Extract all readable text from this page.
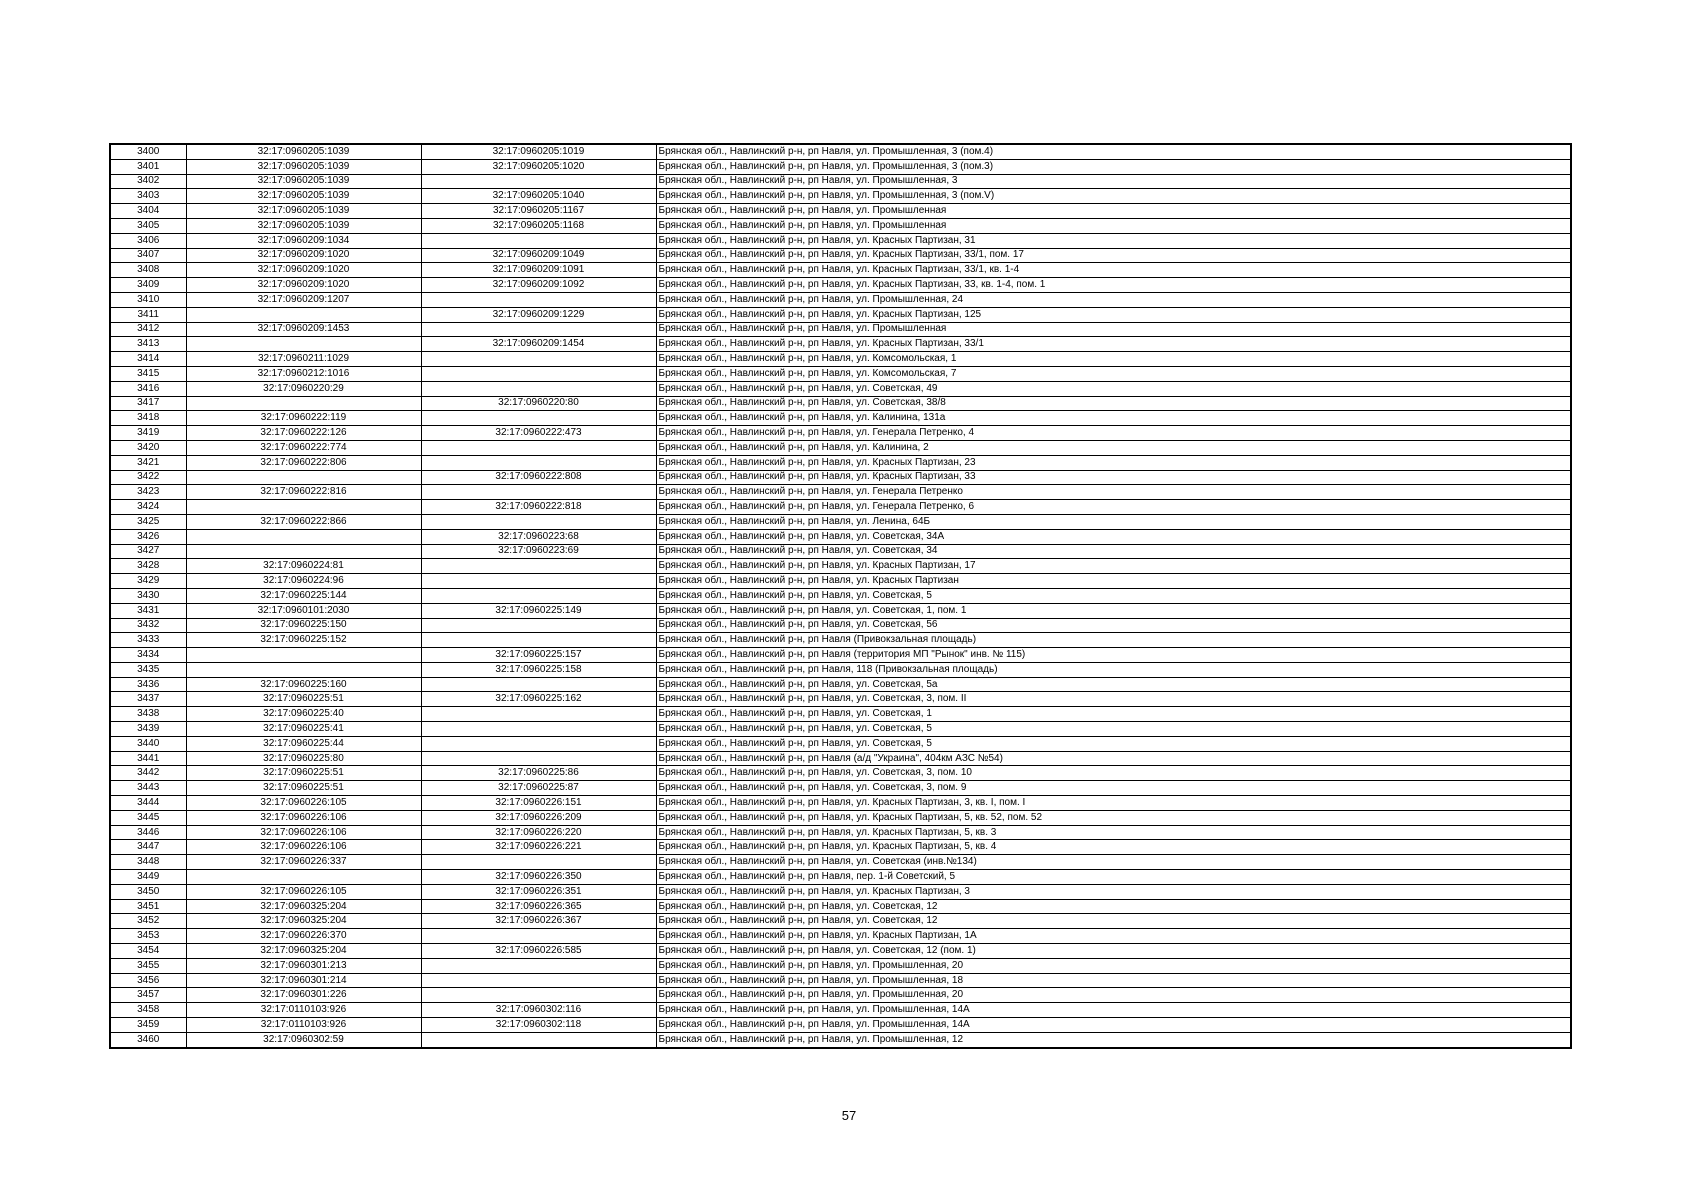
3400	32:17:0960205:1039	32:17:0960205:1019	Брянская обл., Навлинский р-н, рп Навля, ул. Промышленная, 3 (пом.4)
3401	32:17:0960205:1039	32:17:0960205:1020	Брянская обл., Навлинский р-н, рп Навля, ул. Промышленная, 3 (пом.3)
3402	32:17:0960205:1039		Брянская обл., Навлинский р-н, рп Навля, ул. Промышленная, 3
3403	32:17:0960205:1039	32:17:0960205:1040	Брянская обл., Навлинский р-н, рп Навля, ул. Промышленная, 3 (пом.V)
3404	32:17:0960205:1039	32:17:0960205:1167	Брянская обл., Навлинский р-н, рп Навля, ул. Промышленная
3405	32:17:0960205:1039	32:17:0960205:1168	Брянская обл., Навлинский р-н, рп Навля, ул. Промышленная
3406	32:17:0960209:1034		Брянская обл., Навлинский р-н, рп Навля, ул. Красных Партизан, 31
3407	32:17:0960209:1020	32:17:0960209:1049	Брянская обл., Навлинский р-н, рп Навля, ул. Красных Партизан, 33/1, пом. 17
3408	32:17:0960209:1020	32:17:0960209:1091	Брянская обл., Навлинский р-н, рп Навля, ул. Красных Партизан, 33/1, кв. 1-4
3409	32:17:0960209:1020	32:17:0960209:1092	Брянская обл., Навлинский р-н, рп Навля, ул. Красных Партизан, 33, кв. 1-4, пом. 1
3410	32:17:0960209:1207		Брянская обл., Навлинский р-н, рп Навля, ул. Промышленная, 24
3411		32:17:0960209:1229	Брянская обл., Навлинский р-н, рп Навля, ул. Красных Партизан, 125
3412	32:17:0960209:1453		Брянская обл., Навлинский р-н, рп Навля, ул. Промышленная
3413		32:17:0960209:1454	Брянская обл., Навлинский р-н, рп Навля, ул. Красных Партизан, 33/1
3414	32:17:0960211:1029		Брянская обл., Навлинский р-н, рп Навля, ул. Комсомольская, 1
3415	32:17:0960212:1016		Брянская обл., Навлинский р-н, рп Навля, ул. Комсомольская, 7
3416	32:17:0960220:29		Брянская обл., Навлинский р-н, рп Навля, ул. Советская, 49
3417		32:17:0960220:80	Брянская обл., Навлинский р-н, рп Навля, ул. Советская, 38/8
3418	32:17:0960222:119		Брянская обл., Навлинский р-н, рп Навля, ул. Калинина, 131а
3419	32:17:0960222:126	32:17:0960222:473	Брянская обл., Навлинский р-н, рп Навля, ул. Генерала Петренко, 4
3420	32:17:0960222:774		Брянская обл., Навлинский р-н, рп Навля, ул. Калинина, 2
3421	32:17:0960222:806		Брянская обл., Навлинский р-н, рп Навля, ул. Красных Партизан, 23
3422		32:17:0960222:808	Брянская обл., Навлинский р-н, рп Навля, ул. Красных Партизан, 33
3423	32:17:0960222:816		Брянская обл., Навлинский р-н, рп Навля, ул. Генерала Петренко
3424		32:17:0960222:818	Брянская обл., Навлинский р-н, рп Навля, ул. Генерала Петренко, 6
3425	32:17:0960222:866		Брянская обл., Навлинский р-н, рп Навля, ул. Ленина, 64Б
3426		32:17:0960223:68	Брянская обл., Навлинский р-н, рп Навля, ул. Советская, 34А
3427		32:17:0960223:69	Брянская обл., Навлинский р-н, рп Навля, ул. Советская, 34
3428	32:17:0960224:81		Брянская обл., Навлинский р-н, рп Навля, ул. Красных Партизан, 17
3429	32:17:0960224:96		Брянская обл., Навлинский р-н, рп Навля, ул. Красных Партизан
3430	32:17:0960225:144		Брянская обл., Навлинский р-н, рп Навля, ул. Советская, 5
3431	32:17:0960101:2030	32:17:0960225:149	Брянская обл., Навлинский р-н, рп Навля, ул. Советская, 1, пом. 1
3432	32:17:0960225:150		Брянская обл., Навлинский р-н, рп Навля, ул. Советская, 56
3433	32:17:0960225:152		Брянская обл., Навлинский р-н, рп Навля (Привокзальная площадь)
3434		32:17:0960225:157	Брянская обл., Навлинский р-н, рп Навля (территория МП "Рынок" инв. № 115)
3435		32:17:0960225:158	Брянская обл., Навлинский р-н, рп Навля, 118 (Привокзальная площадь)
3436	32:17:0960225:160		Брянская обл., Навлинский р-н, рп Навля, ул. Советская, 5а
3437	32:17:0960225:51	32:17:0960225:162	Брянская обл., Навлинский р-н, рп Навля, ул. Советская, 3, пом. II
3438	32:17:0960225:40		Брянская обл., Навлинский р-н, рп Навля, ул. Советская, 1
3439	32:17:0960225:41		Брянская обл., Навлинский р-н, рп Навля, ул. Советская, 5
3440	32:17:0960225:44		Брянская обл., Навлинский р-н, рп Навля, ул. Советская, 5
3441	32:17:0960225:80		Брянская обл., Навлинский р-н, рп Навля (а/д "Украина", 404км АЗС №54)
3442	32:17:0960225:51	32:17:0960225:86	Брянская обл., Навлинский р-н, рп Навля, ул. Советская, 3, пом. 10
3443	32:17:0960225:51	32:17:0960225:87	Брянская обл., Навлинский р-н, рп Навля, ул. Советская, 3, пом. 9
3444	32:17:0960226:105	32:17:0960226:151	Брянская обл., Навлинский р-н, рп Навля, ул. Красных Партизан, 3, кв. I, пом. I
3445	32:17:0960226:106	32:17:0960226:209	Брянская обл., Навлинский р-н, рп Навля, ул. Красных Партизан, 5, кв. 52, пом. 52
3446	32:17:0960226:106	32:17:0960226:220	Брянская обл., Навлинский р-н, рп Навля, ул. Красных Партизан, 5, кв. 3
3447	32:17:0960226:106	32:17:0960226:221	Брянская обл., Навлинский р-н, рп Навля, ул. Красных Партизан, 5, кв. 4
3448	32:17:0960226:337		Брянская обл., Навлинский р-н, рп Навля, ул. Советская (инв.№134)
3449		32:17:0960226:350	Брянская обл., Навлинский р-н, рп Навля, пер. 1-й Советский, 5
3450	32:17:0960226:105	32:17:0960226:351	Брянская обл., Навлинский р-н, рп Навля, ул. Красных Партизан, 3
3451	32:17:0960325:204	32:17:0960226:365	Брянская обл., Навлинский р-н, рп Навля, ул. Советская, 12
3452	32:17:0960325:204	32:17:0960226:367	Брянская обл., Навлинский р-н, рп Навля, ул. Советская, 12
3453	32:17:0960226:370		Брянская обл., Навлинский р-н, рп Навля, ул. Красных Партизан, 1А
3454	32:17:0960325:204	32:17:0960226:585	Брянская обл., Навлинский р-н, рп Навля, ул. Советская, 12 (пом. 1)
3455	32:17:0960301:213		Брянская обл., Навлинский р-н, рп Навля, ул. Промышленная, 20
3456	32:17:0960301:214		Брянская обл., Навлинский р-н, рп Навля, ул. Промышленная, 18
3457	32:17:0960301:226		Брянская обл., Навлинский р-н, рп Навля, ул. Промышленная, 20
3458	32:17:0110103:926	32:17:0960302:116	Брянская обл., Навлинский р-н, рп Навля, ул. Промышленная, 14А
3459	32:17:0110103:926	32:17:0960302:118	Брянская обл., Навлинский р-н, рп Навля, ул. Промышленная, 14А
3460	32:17:0960302:59		Брянская обл., Навлинский р-н, рп Навля, ул. Промышленная, 12
57
